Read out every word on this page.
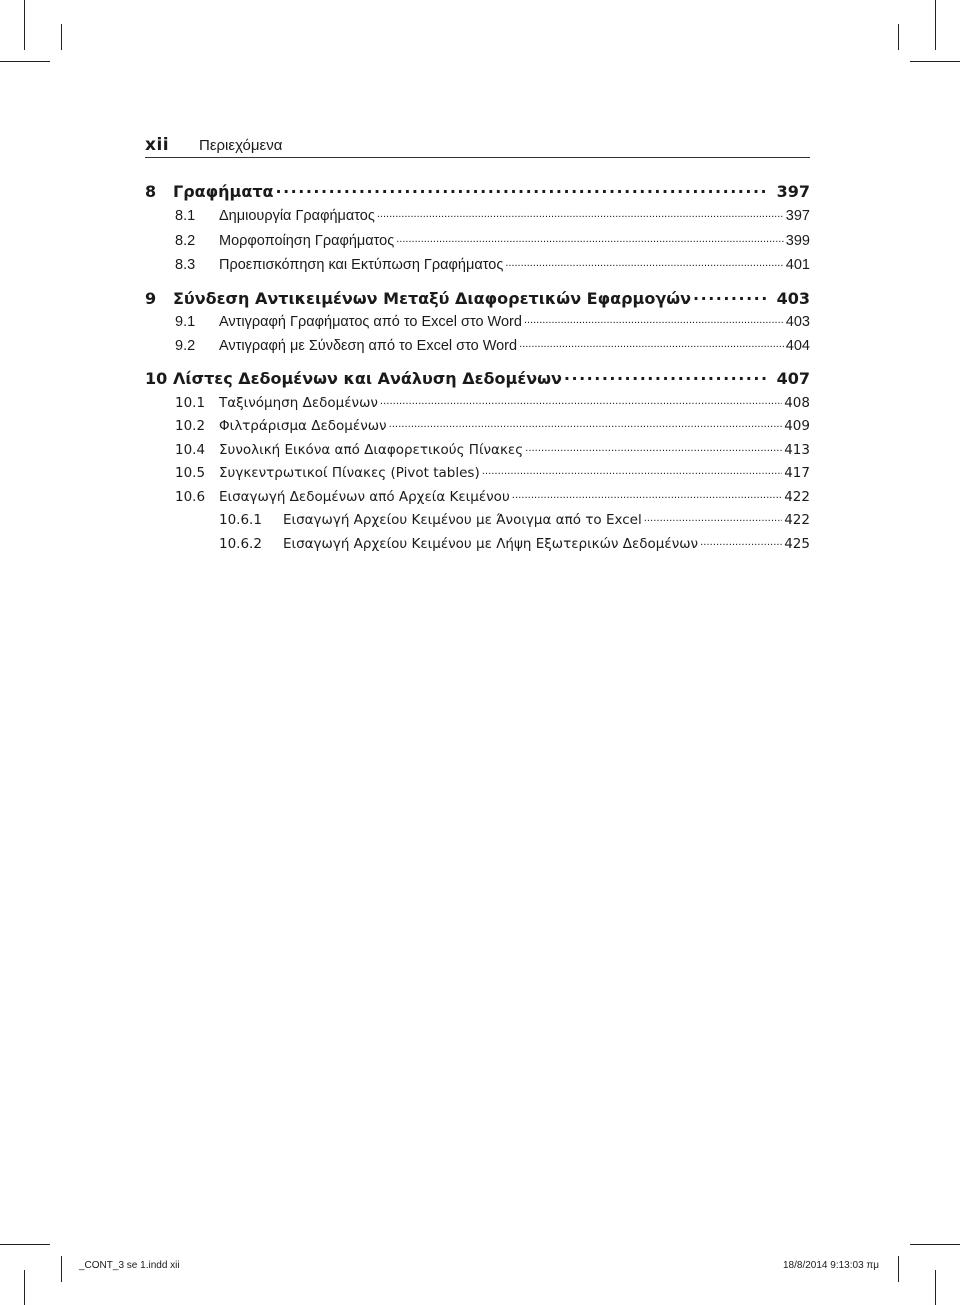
xii Περιεχόμενα
8	Γραφήματα .....	397
8.1	Δημιουργία Γραφήματος .....	397
8.2	Μορφοποίηση Γραφήματος .....	399
8.3	Προεπισκόπηση και Εκτύπωση Γραφήματος .....	401
9	Σύνδεση Αντικειμένων Μεταξύ Διαφορετικών Εφαρμογών .....	403
9.1	Αντιγραφή Γραφήματος από το Excel στο Word .....	403
9.2	Αντιγραφή με Σύνδεση από το Excel στο Word .....	404
10 Λίστες Δεδομένων και Ανάλυση Δεδομένων .....	407
10.1	Ταξινόμηση Δεδομένων .....	408
10.2	Φιλτράρισμα Δεδομένων .....	409
10.4	Συνολική Εικόνα από Διαφορετικούς Πίνακες .....	413
10.5	Συγκεντρωτικοί Πίνακες (Pivot tables) .....	417
10.6	Εισαγωγή Δεδομένων από Αρχεία Κειμένου .....	422
10.6.1	Εισαγωγή Αρχείου Κειμένου με Άνοιγμα από το Excel .....	422
10.6.2	Εισαγωγή Αρχείου Κειμένου με Λήψη Εξωτερικών Δεδομένων .....	425
_CONT_3 se 1.indd xii	18/8/2014 9:13:03 πμ
